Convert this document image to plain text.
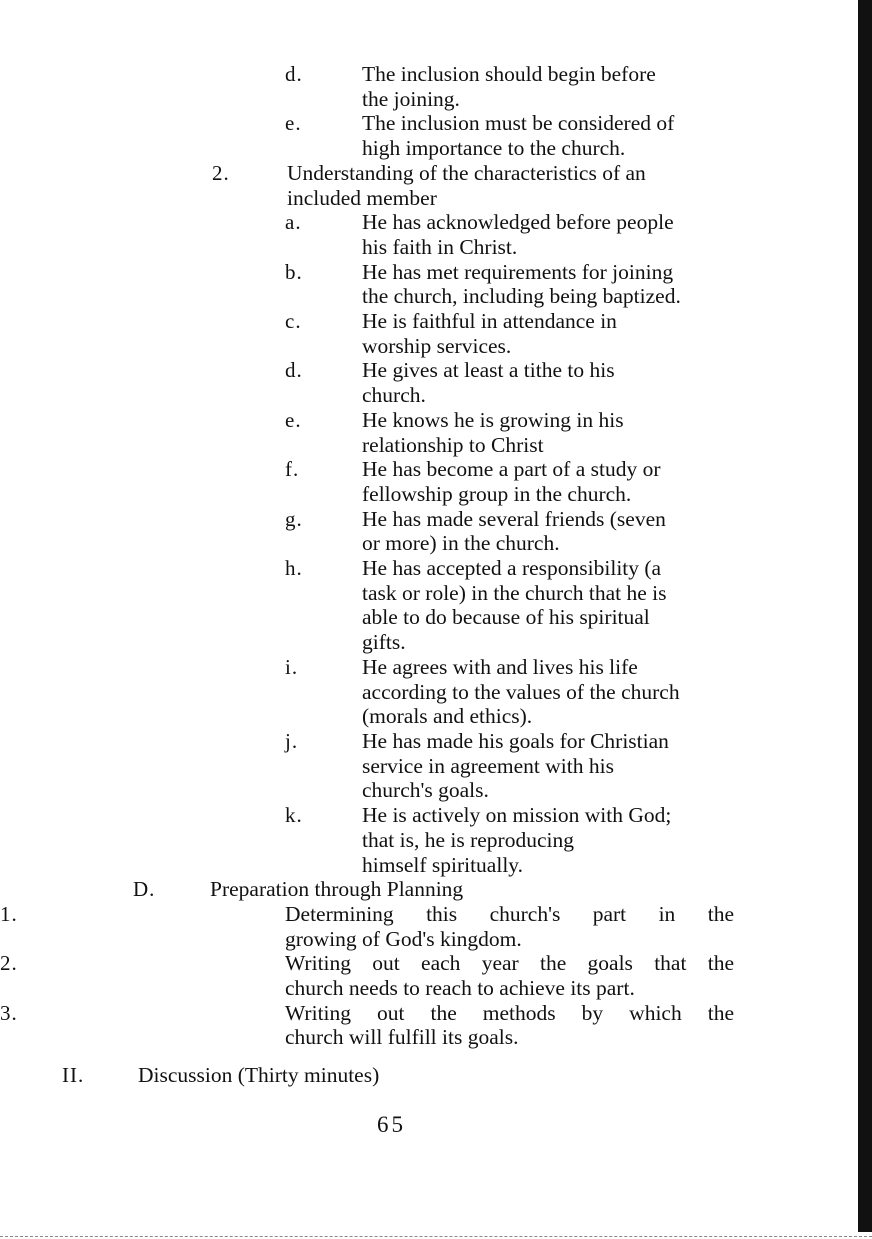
d.	The inclusion should begin before
the joining.
e.	The inclusion must be considered of
high importance to the church.
2.	Understanding of the characteristics of an
included member
a.	He has acknowledged before people
his faith in Christ.
b.	He has met requirements for joining
the church, including being baptized.
c.	He is faithful in attendance in
worship services.
d.	He gives at least a tithe to his
church.
e.	He knows he is growing in his
relationship to Christ
f.	He has become a part of a study or
fellowship group in the church.
g.	He has made several friends (seven
or more) in the church.
h.	He has accepted a responsibility (a
task or role) in the church that he is
able to do because of his spiritual
gifts.
i.	He agrees with and lives his life
according to the values of the church
(morals and ethics).
j.	He has made his goals for Christian
service in agreement with his
church's goals.
k.	He is actively on mission with God;
that is, he is reproducing
himself spiritually.
D.	Preparation through Planning
1.	Determining this church's part in the
growing of God's kingdom.
2.	Writing out each year the goals that the
church needs to reach to achieve its part.
3.	Writing out the methods by which the
church will fulfill its goals.
II.	Discussion (Thirty minutes)
65
